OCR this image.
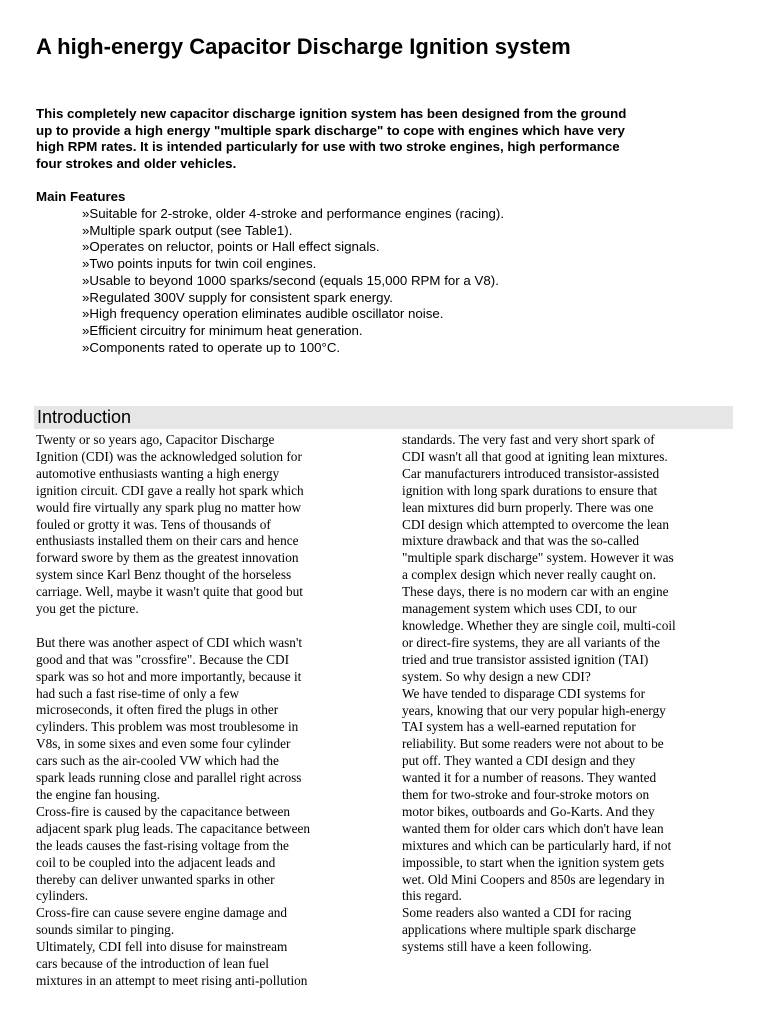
A high-energy Capacitor Discharge Ignition system
This completely new capacitor discharge ignition system has been designed from the ground
up to provide a high energy "multiple spark discharge" to cope with engines which have very
high RPM rates. It is intended particularly for use with two stroke engines, high performance
four strokes and older vehicles.
Main Features
»Suitable for 2-stroke, older 4-stroke and performance engines (racing).
»Multiple spark output (see Table1).
»Operates on reluctor, points or Hall effect signals.
»Two points inputs for twin coil engines.
»Usable to beyond 1000 sparks/second (equals 15,000 RPM for a V8).
»Regulated 300V supply for consistent spark energy.
»High frequency operation eliminates audible oscillator noise.
»Efficient circuitry for minimum heat generation.
»Components rated to operate up to 100°C.
Introduction
Twenty or so years ago, Capacitor Discharge
Ignition (CDI) was the acknowledged solution for
automotive enthusiasts wanting a high energy
ignition circuit. CDI gave a really hot spark which
would fire virtually any spark plug no matter how
fouled or grotty it was. Tens of thousands of
enthusiasts installed them on their cars and hence
forward swore by them as the greatest innovation
system since Karl Benz thought of the horseless
carriage. Well, maybe it wasn't quite that good but
you get the picture.
But there was another aspect of CDI which wasn't
good and that was "crossfire". Because the CDI
spark was so hot and more importantly, because it
had such a fast rise-time of only a few
microseconds, it often fired the plugs in other
cylinders. This problem was most troublesome in
V8s, in some sixes and even some four cylinder
cars such as the air-cooled VW which had the
spark leads running close and parallel right across
the engine fan housing.
Cross-fire is caused by the capacitance between
adjacent spark plug leads. The capacitance between
the leads causes the fast-rising voltage from the
coil to be coupled into the adjacent leads and
thereby can deliver unwanted sparks in other
cylinders.
Cross-fire can cause severe engine damage and
sounds similar to pinging.
Ultimately, CDI fell into disuse for mainstream
cars because of the introduction of lean fuel
mixtures in an attempt to meet rising anti-pollution
standards. The very fast and very short spark of
CDI wasn't all that good at igniting lean mixtures.
Car manufacturers introduced transistor-assisted
ignition with long spark durations to ensure that
lean mixtures did burn properly. There was one
CDI design which attempted to overcome the lean
mixture drawback and that was the so-called
"multiple spark discharge" system. However it was
a complex design which never really caught on.
These days, there is no modern car with an engine
management system which uses CDI, to our
knowledge. Whether they are single coil, multi-coil
or direct-fire systems, they are all variants of the
tried and true transistor assisted ignition (TAI)
system. So why design a new CDI?
We have tended to disparage CDI systems for
years, knowing that our very popular high-energy
TAI system has a well-earned reputation for
reliability. But some readers were not about to be
put off. They wanted a CDI design and they
wanted it for a number of reasons. They wanted
them for two-stroke and four-stroke motors on
motor bikes, outboards and Go-Karts. And they
wanted them for older cars which don't have lean
mixtures and which can be particularly hard, if not
impossible, to start when the ignition system gets
wet. Old Mini Coopers and 850s are legendary in
this regard.
Some readers also wanted a CDI for racing
applications where multiple spark discharge
systems still have a keen following.
